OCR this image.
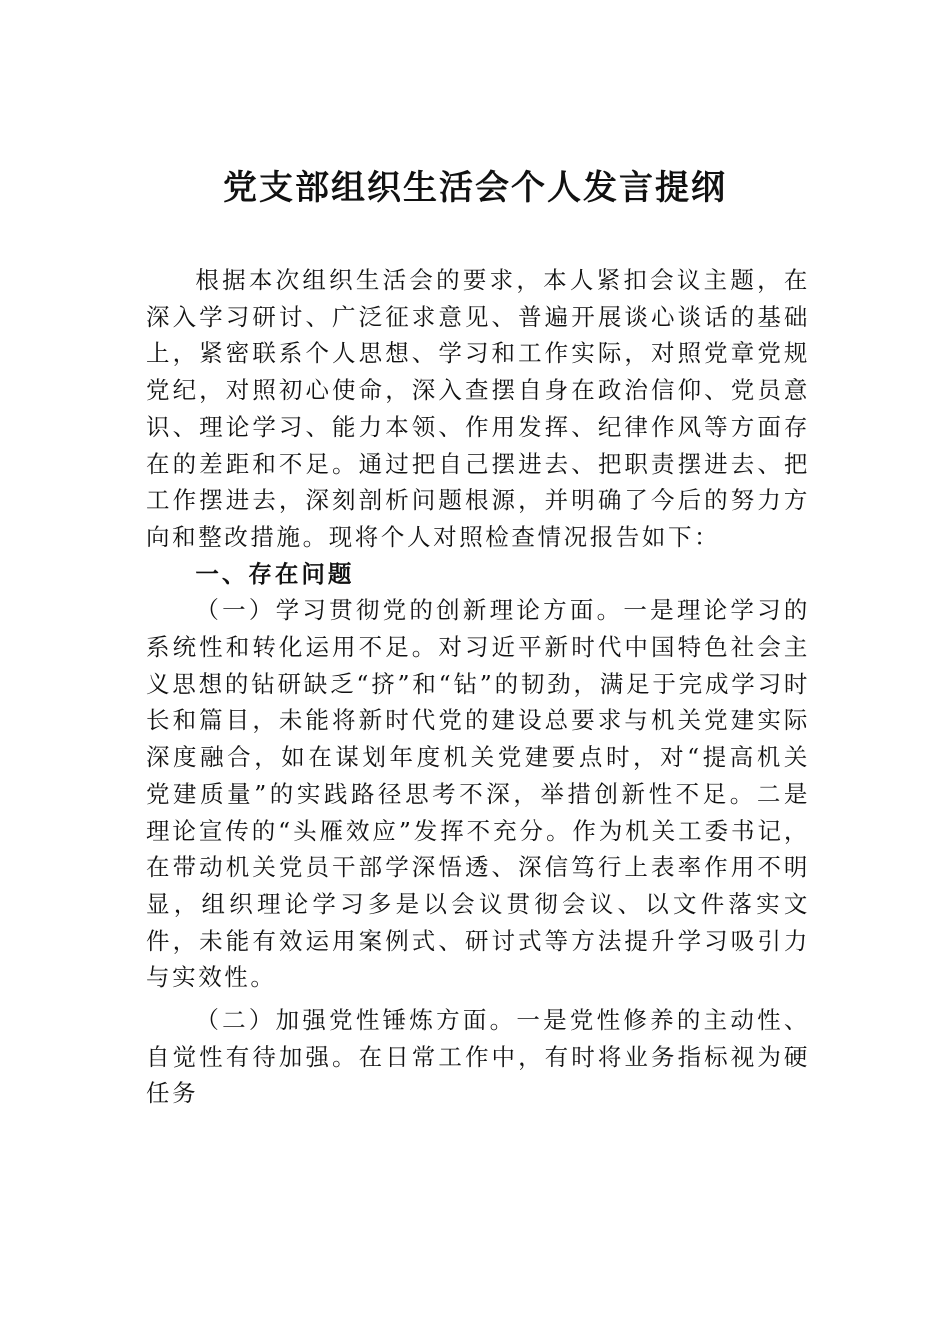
党支部组织生活会个人发言提纲

根据本次组织生活会的要求，本人紧扣会议主题，在深入学习研讨、广泛征求意见、普遍开展谈心谈话的基础上，紧密联系个人思想、学习和工作实际，对照党章党规党纪，对照初心使命，深入查摆自身在政治信仰、党员意识、理论学习、能力本领、作用发挥、纪律作风等方面存在的差距和不足。通过把自己摆进去、把职责摆进去、把工作摆进去，深刻剖析问题根源，并明确了今后的努力方向和整改措施。现将个人对照检查情况报告如下：

一、存在问题

（一）学习贯彻党的创新理论方面。一是理论学习的系统性和转化运用不足。对习近平新时代中国特色社会主义思想的钻研缺乏“挤”和“钻”的韧劲，满足于完成学习时长和篇目，未能将新时代党的建设总要求与机关党建实际深度融合，如在谋划年度机关党建要点时，对“提高机关党建质量”的实践路径思考不深，举措创新性不足。二是理论宣传的“头雁效应”发挥不充分。作为机关工委书记，在带动机关党员干部学深悟透、深信笃行上表率作用不明显，组织理论学习多是以会议贯彻会议、以文件落实文件，未能有效运用案例式、研讨式等方法提升学习吸引力与实效性。

（二）加强党性锤炼方面。一是党性修养的主动性、自觉性有待加强。在日常工作中，有时将业务指标视为硬任务
